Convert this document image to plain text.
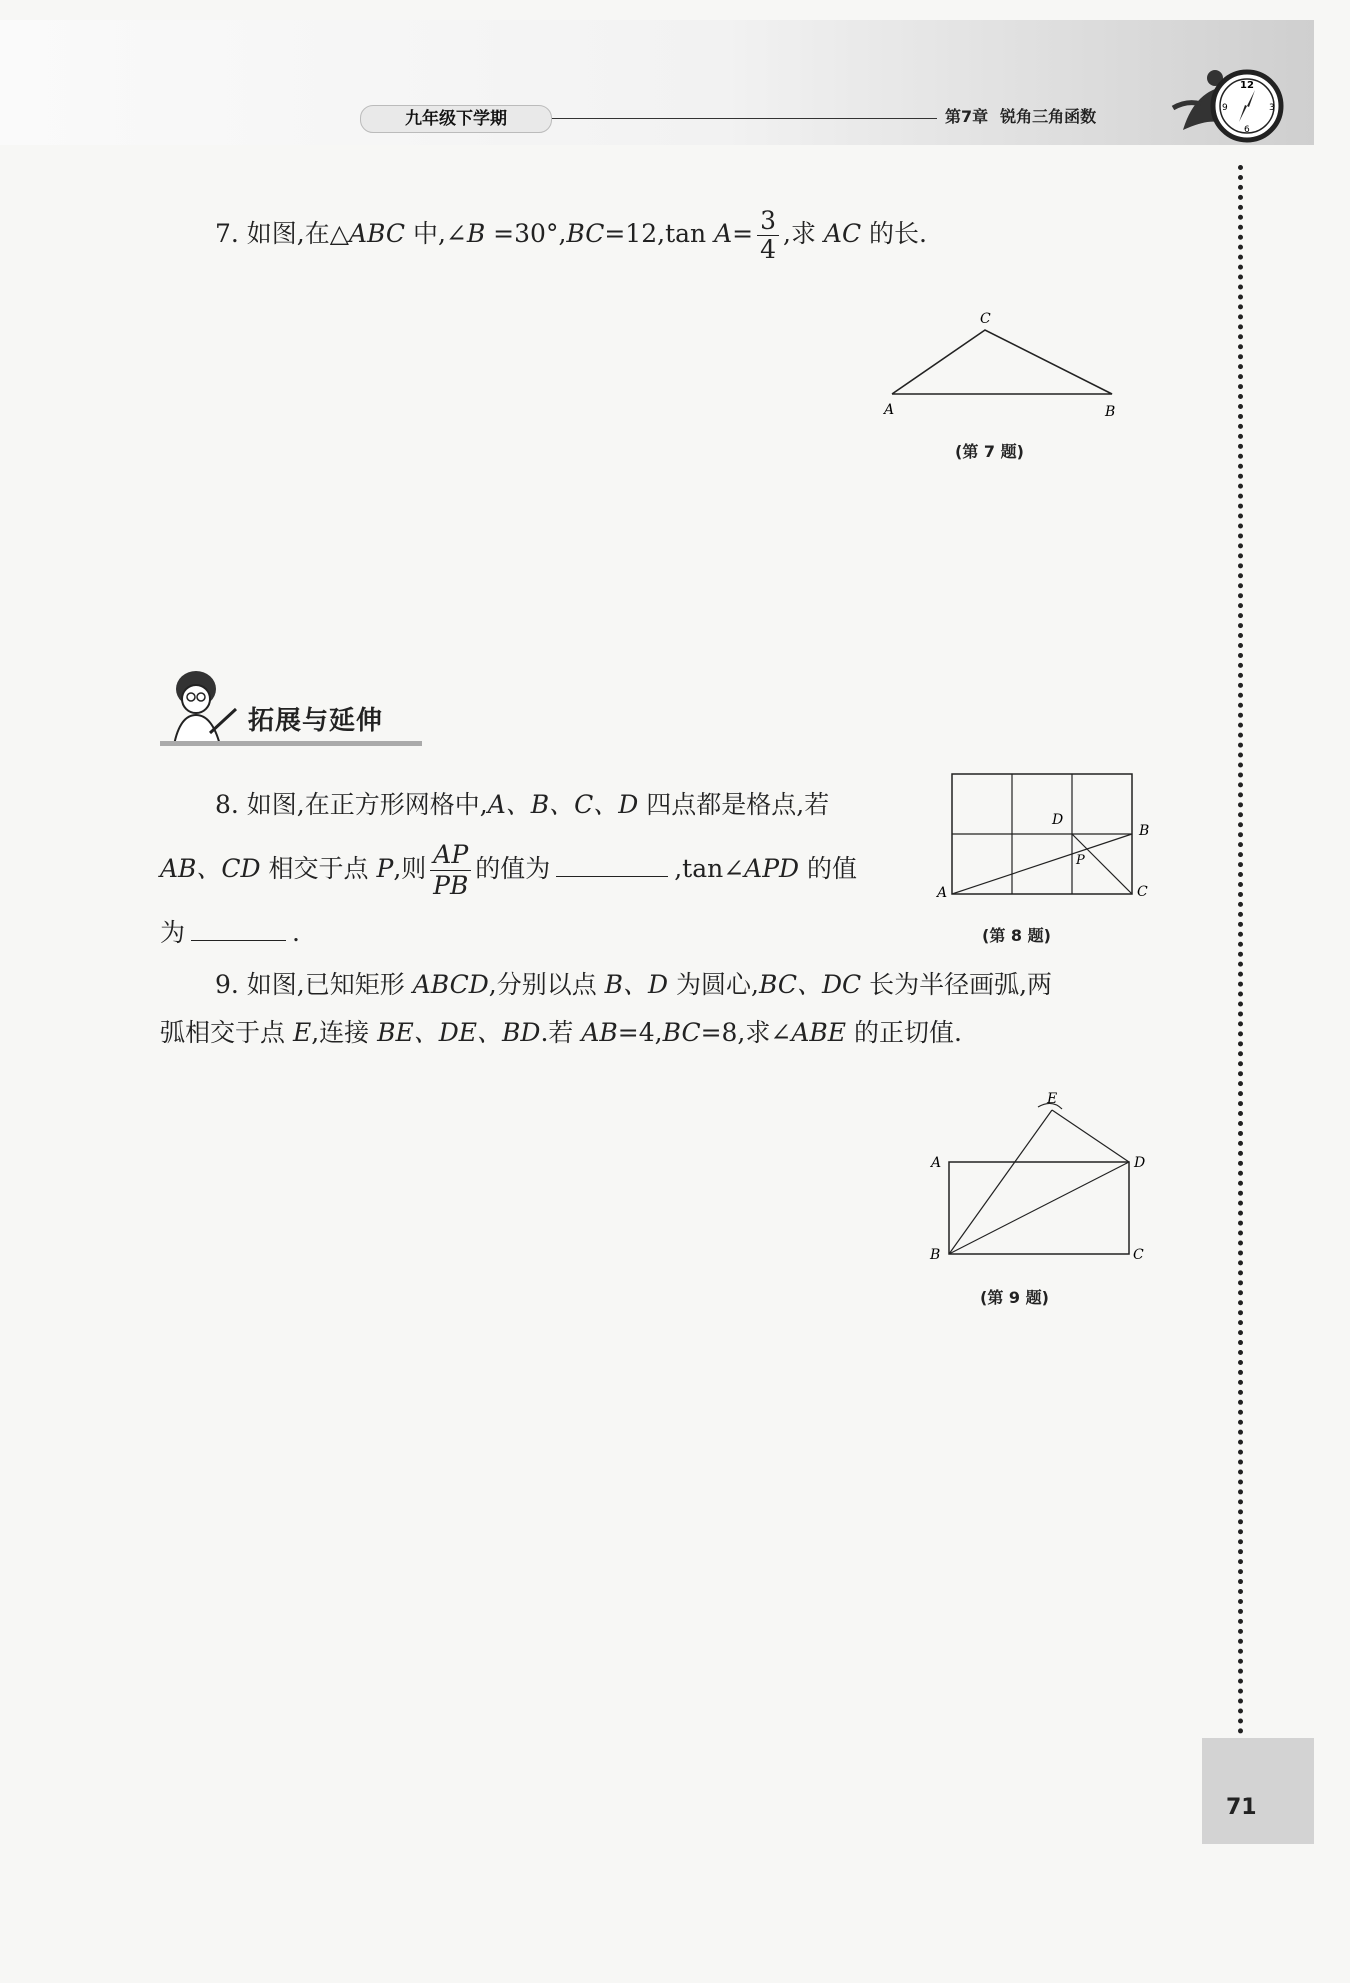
九年级下学期	第7章 锐角三角函数
12
3
6
9
71
7. 如图,在△ABC 中,∠B =30°,BC=12,tan $A= \frac{3}{4}$ ,求 AC 的长.
C
A	B
(第 7 题)
拓展与延伸
8. 如图,在正方形网格中,A、B、C、D 四点都是格点,若
AB、CD 相交于点 P,则 $\frac{AP}{PB}$ 的值为	,tan∠APD 的值
为	.
D
B
P
A	C
(第 8 题)
9. 如图,已知矩形 ABCD,分别以点 B、D 为圆心,BC、DC 长为半径画弧,两
弧相交于点 E,连接 BE、DE、BD.若 AB=4,BC=8,求∠ABE 的正切值.
E
A	D
B	C
(第 9 题)
